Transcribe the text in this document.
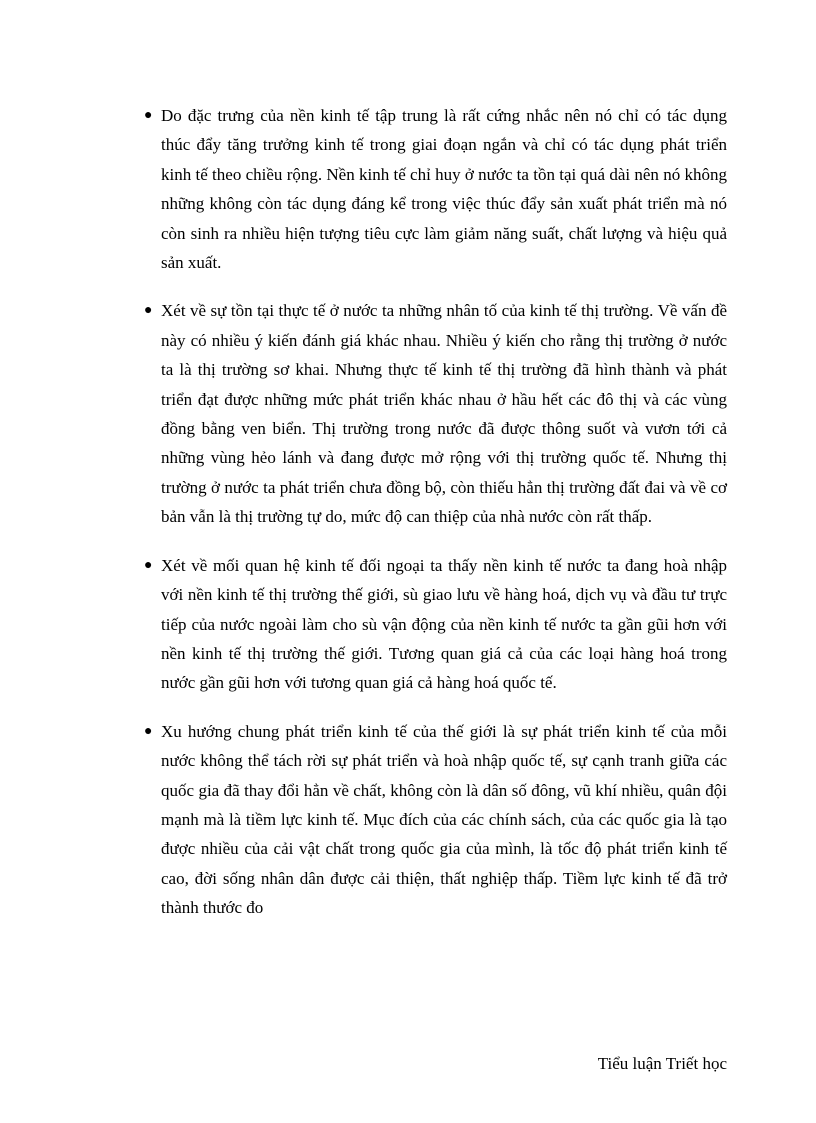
● Do đặc trưng của nền kinh tế tập trung là rất cứng nhắc nên nó chỉ có tác dụng thúc đẩy tăng trưởng kinh tế trong giai đoạn ngắn và chỉ có tác dụng phát triển kinh tế theo chiều rộng. Nền kinh tế chỉ huy ở nước ta tồn tại quá dài nên nó không những không còn tác dụng đáng kể trong việc thúc đẩy sản xuất phát triển mà nó còn sinh ra nhiều hiện tượng tiêu cực làm giảm năng suất, chất lượng và hiệu quả sản xuất.
● Xét về sự tồn tại thực tế ở nước ta những nhân tố của kinh tế thị trường. Về vấn đề này có nhiều ý kiến đánh giá khác nhau. Nhiều ý kiến cho rằng thị trường ở nước ta là thị trường sơ khai. Nhưng thực tế kinh tế thị trường đã hình thành và phát triển đạt được những mức phát triển khác nhau ở hầu hết các đô thị và các vùng đồng bằng ven biển. Thị trường trong nước đã được thông suốt và vươn tới cả những vùng hẻo lánh và đang được mở rộng với thị trường quốc tế. Nhưng thị trường ở nước ta phát triển chưa đồng bộ, còn thiếu hẳn thị trường đất đai và về cơ bản vẫn là thị trường tự do, mức độ can thiệp của nhà nước còn rất thấp.
● Xét về mối quan hệ kinh tế đối ngoại ta thấy nền kinh tế nước ta đang hoà nhập với nền kinh tế thị trường thế giới, sù giao lưu về hàng hoá, dịch vụ và đầu tư trực tiếp của nước ngoài làm cho sù vận động của nền kinh tế nước ta gần gũi hơn với nền kinh tế thị trường thế giới. Tương quan giá cả của các loại hàng hoá trong nước gần gũi hơn với tương quan giá cả hàng hoá quốc tế.
● Xu hướng chung phát triển kinh tế của thế giới là sự phát triển kinh tế của mỗi nước không thể tách rời sự phát triển và hoà nhập quốc tế, sự cạnh tranh giữa các quốc gia đã thay đổi hẳn về chất, không còn là dân số đông, vũ khí nhiều, quân đội mạnh mà là tiềm lực kinh tế. Mục đích của các chính sách, của các quốc gia là tạo được nhiều của cải vật chất trong quốc gia của mình, là tốc độ phát triển kinh tế cao, đời sống nhân dân được cải thiện, thất nghiệp thấp. Tiềm lực kinh tế đã trở thành thước đo
Tiểu luận Triết học
